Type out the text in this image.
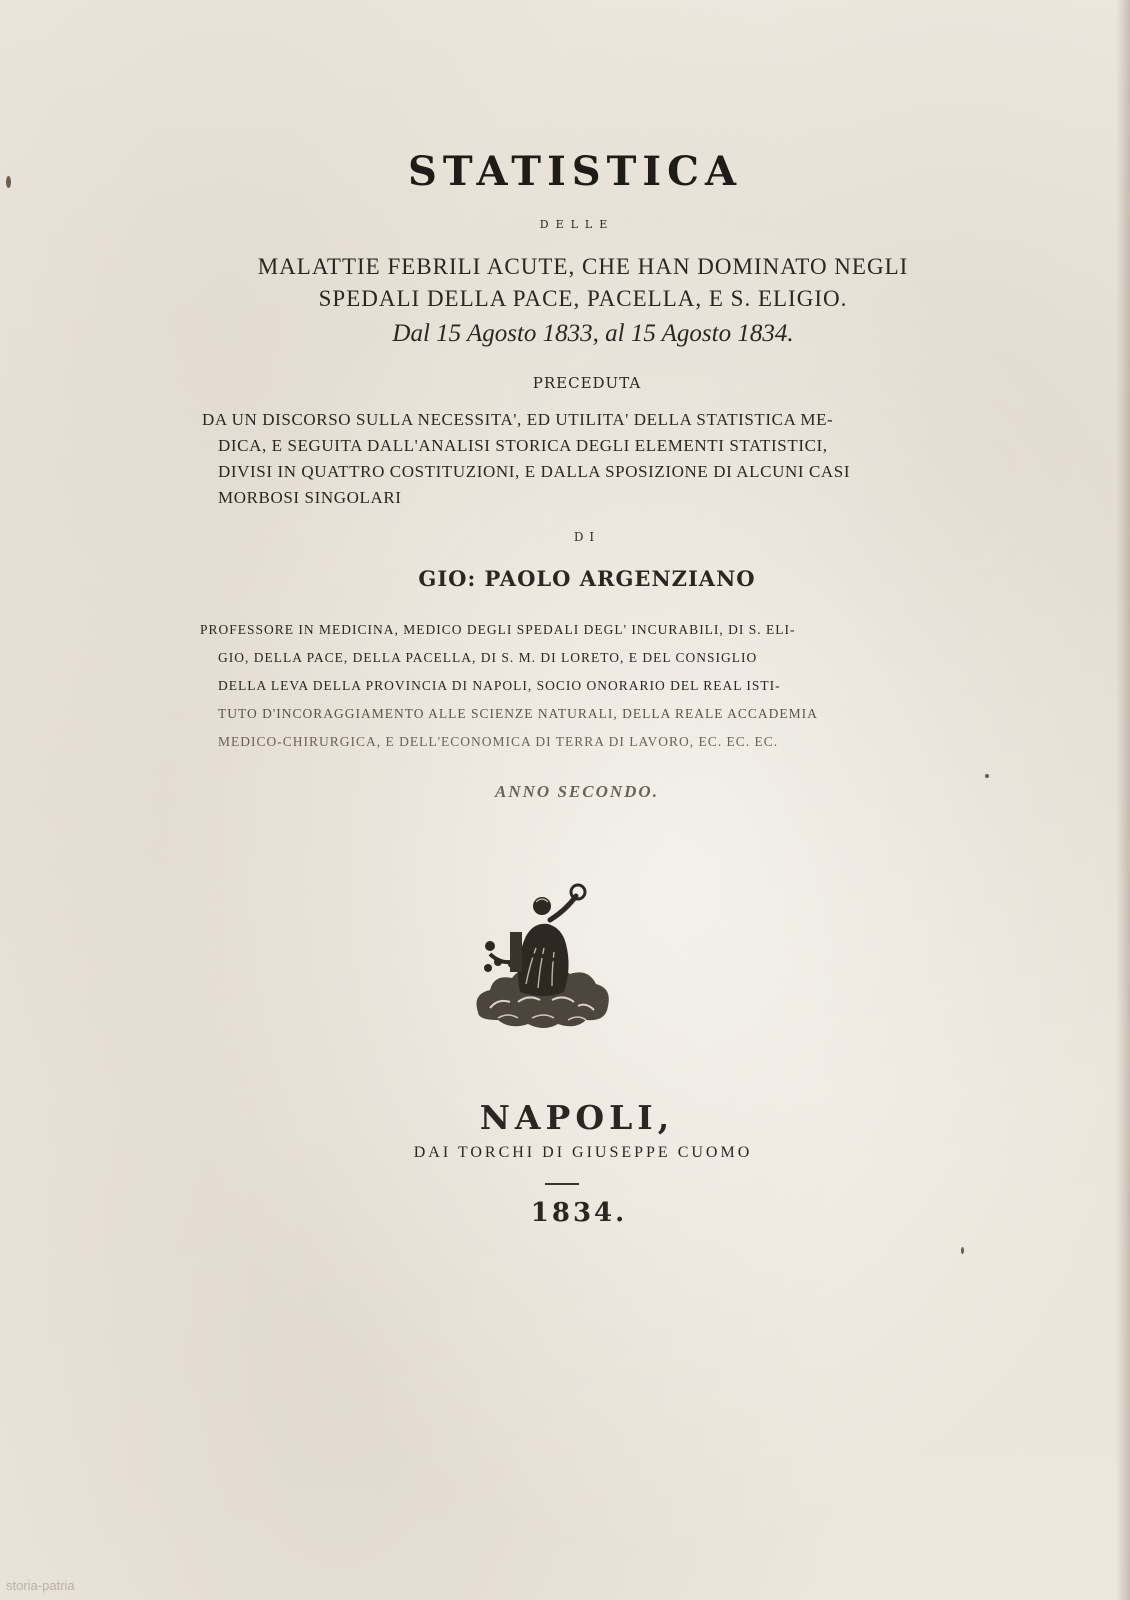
STATISTICA
DELLE
MALATTIE FEBRILI ACUTE, CHE HAN DOMINATO NEGLI
SPEDALI DELLA PACE, PACELLA, E S. ELIGIO.
Dal 15 Agosto 1833, al 15 Agosto 1834.
PRECEDUTA
DA UN DISCORSO SULLA NECESSITA', ED UTILITA' DELLA STATISTICA ME-
DICA, E SEGUITA DALL'ANALISI STORICA DEGLI ELEMENTI STATISTICI,
DIVISI IN QUATTRO COSTITUZIONI, E DALLA SPOSIZIONE DI ALCUNI CASI
MORBOSI SINGOLARI
DI
GIO: PAOLO ARGENZIANO
PROFESSORE IN MEDICINA, MEDICO DEGLI SPEDALI DEGL' INCURABILI, DI S. ELI-
GIO, DELLA PACE, DELLA PACELLA, DI S. M. DI LORETO, E DEL CONSIGLIO
DELLA LEVA DELLA PROVINCIA DI NAPOLI, SOCIO ONORARIO DEL REAL ISTI-
TUTO D'INCORAGGIAMENTO ALLE SCIENZE NATURALI, DELLA REALE ACCADEMIA
MEDICO-CHIRURGICA, E DELL'ECONOMICA DI TERRA DI LAVORO, EC. EC. EC.
ANNO SECONDO.
NAPOLI,
DAI TORCHI DI GIUSEPPE CUOMO
1834.
storia-patria
